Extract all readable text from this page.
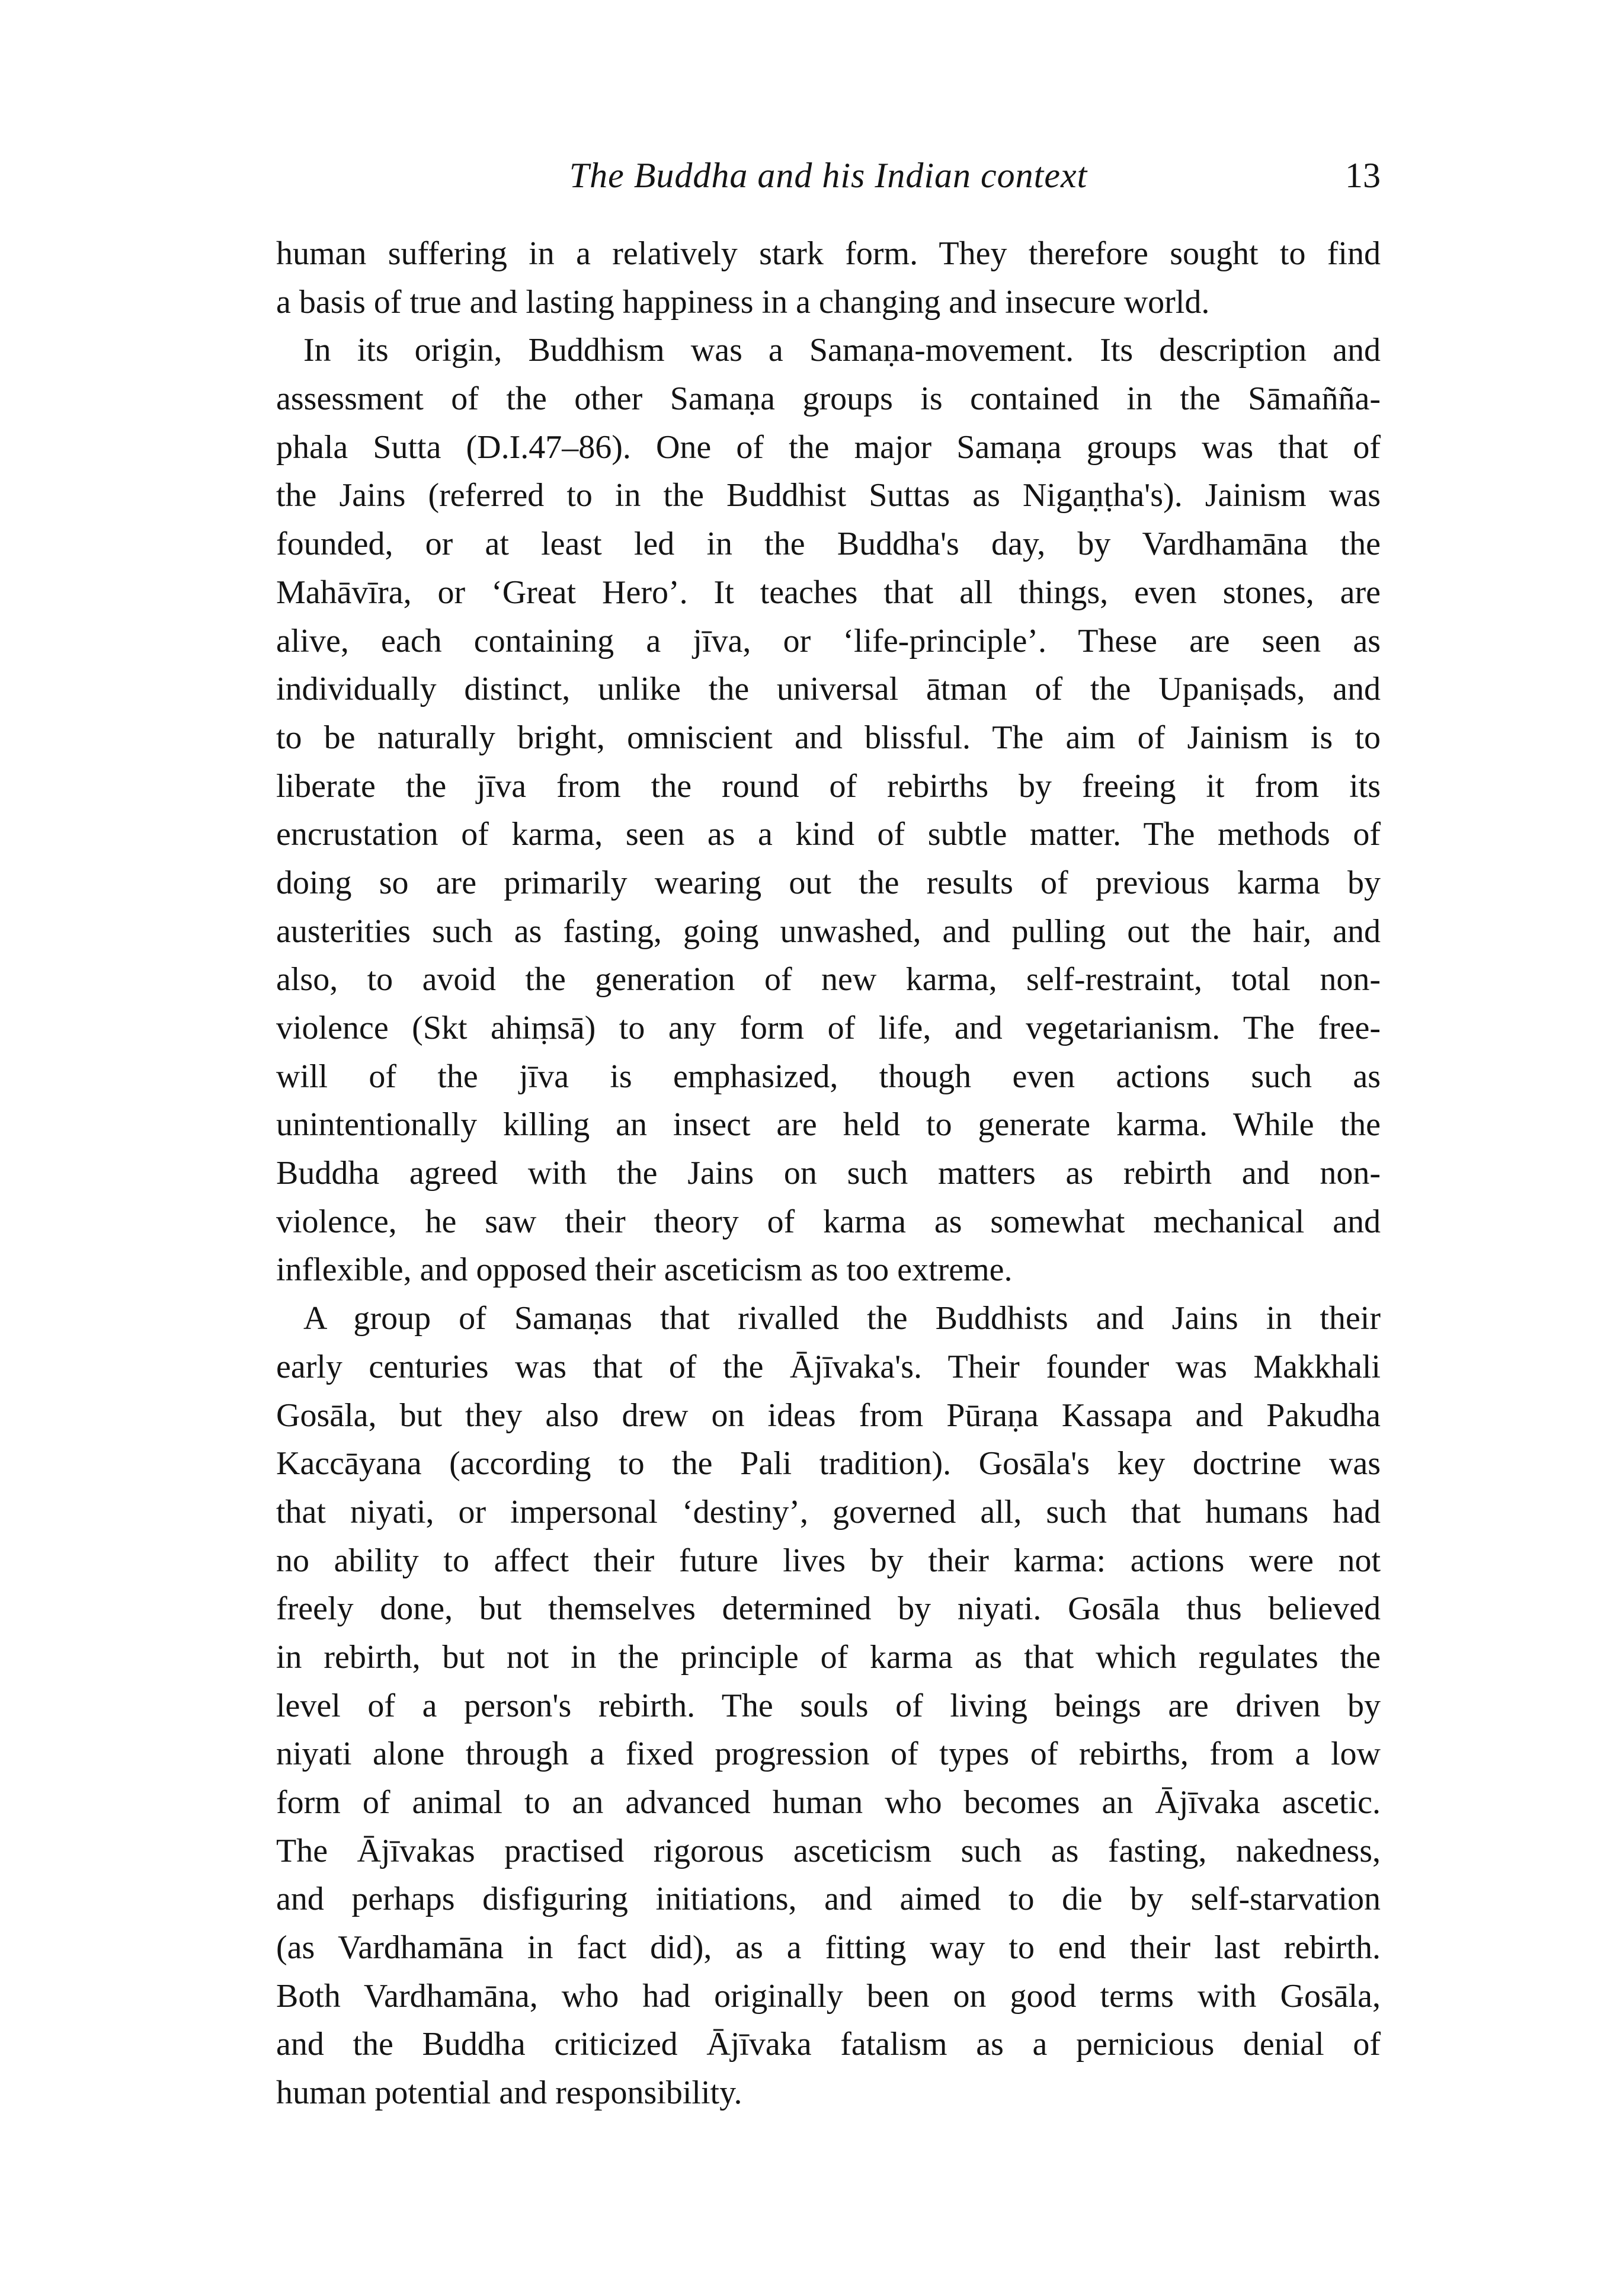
The Buddha and his Indian context	13
human suffering in a relatively stark form. They therefore sought to find
a basis of true and lasting happiness in a changing and insecure world.
In its origin, Buddhism was a Samaṇa-movement. Its description and
assessment of the other Samaṇa groups is contained in the Sāmañña-
phala Sutta (D.I.47–86). One of the major Samaṇa groups was that of
the Jains (referred to in the Buddhist Suttas as Nigaṇṭha's). Jainism was
founded, or at least led in the Buddha's day, by Vardhamāna the
Mahāvīra, or ‘Great Hero’. It teaches that all things, even stones, are
alive, each containing a jīva, or ‘life-principle’. These are seen as
individually distinct, unlike the universal ātman of the Upaniṣads, and
to be naturally bright, omniscient and blissful. The aim of Jainism is to
liberate the jīva from the round of rebirths by freeing it from its
encrustation of karma, seen as a kind of subtle matter. The methods of
doing so are primarily wearing out the results of previous karma by
austerities such as fasting, going unwashed, and pulling out the hair, and
also, to avoid the generation of new karma, self-restraint, total non-
violence (Skt ahiṃsā) to any form of life, and vegetarianism. The free-
will of the jīva is emphasized, though even actions such as
unintentionally killing an insect are held to generate karma. While the
Buddha agreed with the Jains on such matters as rebirth and non-
violence, he saw their theory of karma as somewhat mechanical and
inflexible, and opposed their asceticism as too extreme.
A group of Samaṇas that rivalled the Buddhists and Jains in their
early centuries was that of the Ājīvaka's. Their founder was Makkhali
Gosāla, but they also drew on ideas from Pūraṇa Kassapa and Pakudha
Kaccāyana (according to the Pali tradition). Gosāla's key doctrine was
that niyati, or impersonal ‘destiny’, governed all, such that humans had
no ability to affect their future lives by their karma: actions were not
freely done, but themselves determined by niyati. Gosāla thus believed
in rebirth, but not in the principle of karma as that which regulates the
level of a person's rebirth. The souls of living beings are driven by
niyati alone through a fixed progression of types of rebirths, from a low
form of animal to an advanced human who becomes an Ājīvaka ascetic.
The Ājīvakas practised rigorous asceticism such as fasting, nakedness,
and perhaps disfiguring initiations, and aimed to die by self-starvation
(as Vardhamāna in fact did), as a fitting way to end their last rebirth.
Both Vardhamāna, who had originally been on good terms with Gosāla,
and the Buddha criticized Ājīvaka fatalism as a pernicious denial of
human potential and responsibility.
